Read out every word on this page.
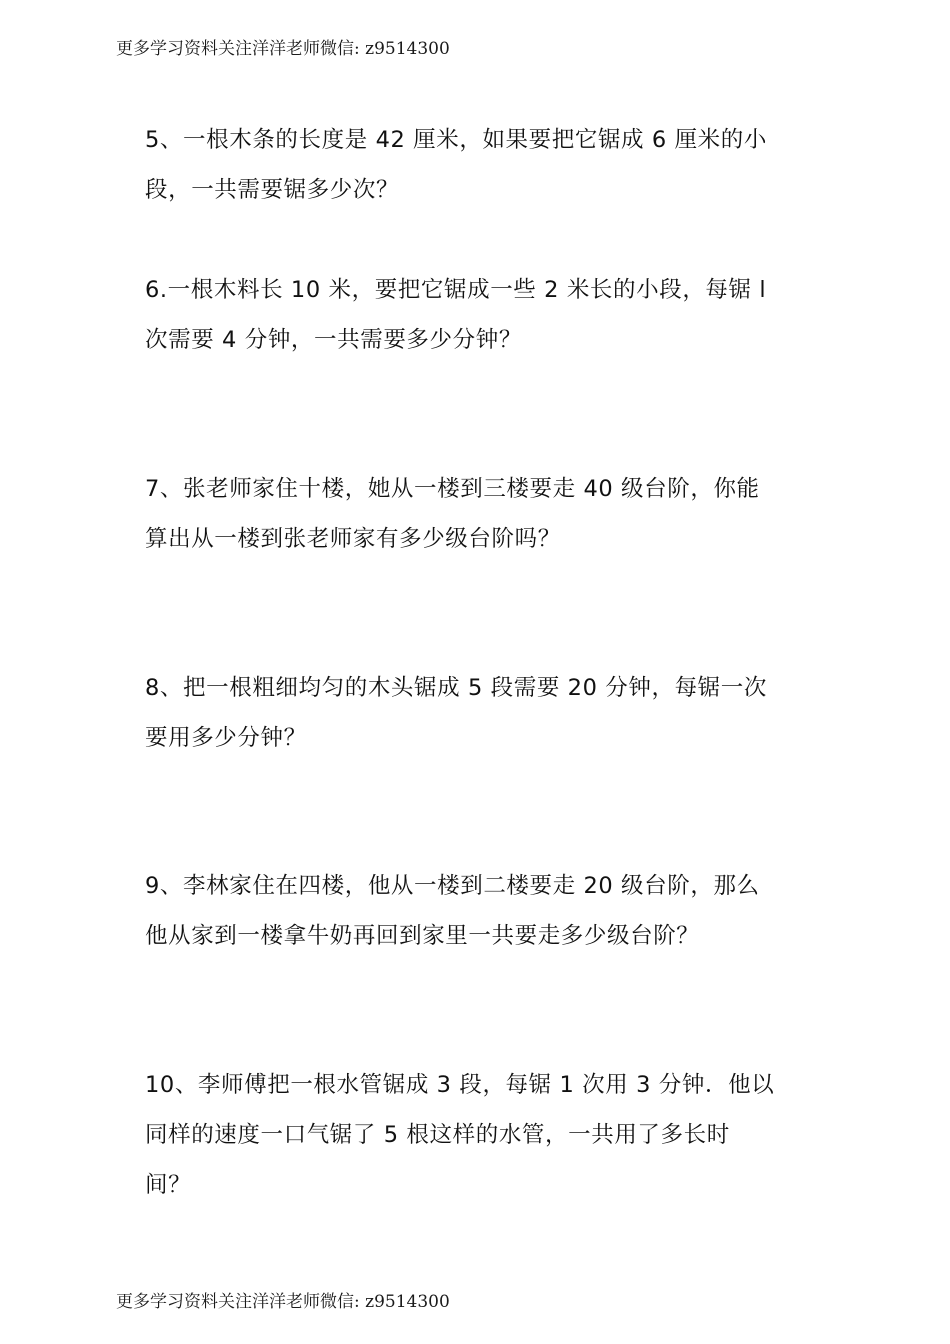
更多学习资料关注洋洋老师微信: z9514300
5、一根木条的长度是 42 厘米，如果要把它锯成 6 厘米的小
段，一共需要锯多少次？
6.一根木料长 10 米，要把它锯成一些 2 米长的小段，每锯 l
次需要 4 分钟，一共需要多少分钟？
7、张老师家住十楼，她从一楼到三楼要走 40 级台阶，你能
算出从一楼到张老师家有多少级台阶吗？
8、把一根粗细均匀的木头锯成 5 段需要 20 分钟，每锯一次
要用多少分钟？
9、李林家住在四楼，他从一楼到二楼要走 20 级台阶，那么
他从家到一楼拿牛奶再回到家里一共要走多少级台阶？
10、李师傅把一根水管锯成 3 段，每锯 1 次用 3 分钟．他以
同样的速度一口气锯了 5 根这样的水管，一共用了多长时
间？
更多学习资料关注洋洋老师微信: z9514300
